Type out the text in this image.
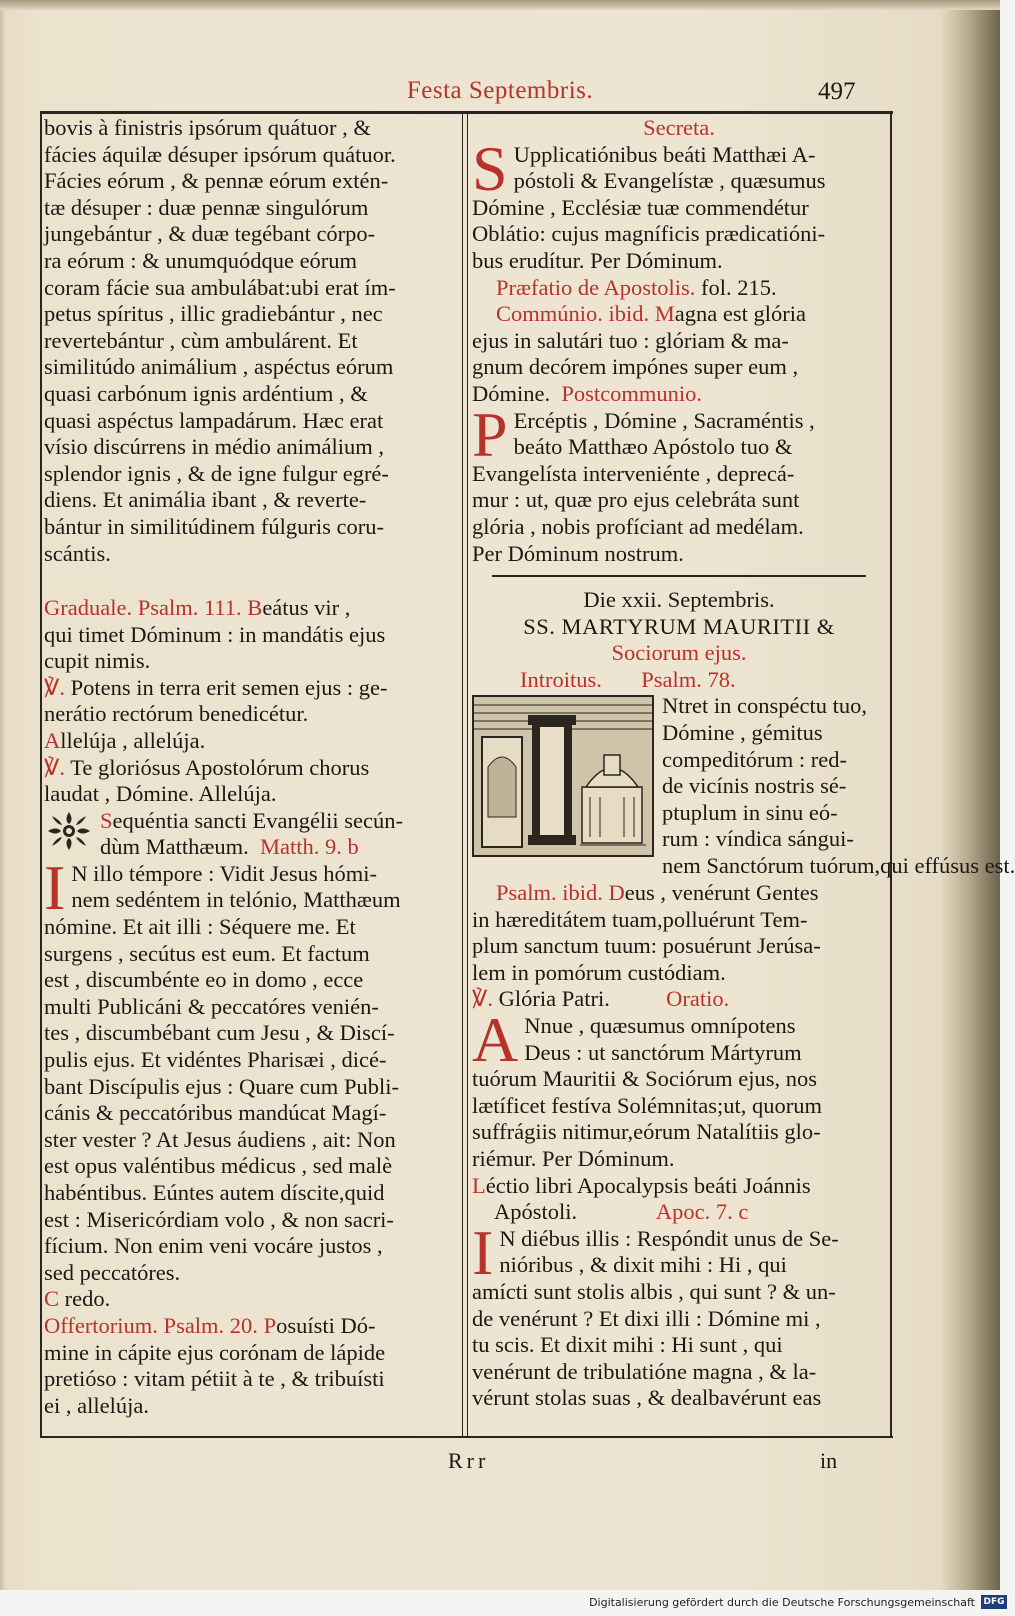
Festa Septembris.	497
bovis à finistris ipsórum quátuor , &
fácies áquilæ désuper ipsórum quátuor.
Fácies eórum , & pennæ eórum extén-
tæ désuper : duæ pennæ singulórum
jungebántur , & duæ tegébant córpo-
ra eórum : & unumquódque eórum
coram fácie sua ambulábat:ubi erat ím-
petus spíritus , illic gradiebántur , nec
revertebántur , cùm ambulárent. Et
similitúdo animálium , aspéctus eórum
quasi carbónum ignis ardéntium , &
quasi aspéctus lampadárum. Hæc erat
vísio discúrrens in médio animálium ,
splendor ignis , & de igne fulgur egré-
diens. Et animália ibant , & reverte-
bántur in similitúdinem fúlguris coru-
scántis.
Graduale. Psalm. 111. Beátus vir ,
qui timet Dóminum : in mandátis ejus
cupit nimis.
℣. Potens in terra erit semen ejus : ge-
nerátio rectórum benedicétur.
Allelúja , allelúja.
℣. Te gloriósus Apostolórum chorus
laudat , Dómine. Allelúja.
Sequéntia sancti Evangélii secún-
dùm Matthæum. Matth. 9. b
I N illo témpore : Vidit Jesus hómi-
nem sedéntem in telónio, Matthæum
nómine. Et ait illi : Séquere me. Et
surgens , secútus est eum. Et factum
est , discumbénte eo in domo , ecce
multi Publicáni & peccatóres venién-
tes , discumbébant cum Jesu , & Discí-
pulis ejus. Et vidéntes Pharisæi , dicé-
bant Discípulis ejus : Quare cum Publi-
cánis & peccatóribus mandúcat Magí-
ster vester ? At Jesus áudiens , ait: Non
est opus valéntibus médicus , sed malè
habéntibus. Eúntes autem díscite,quid
est : Misericórdiam volo , & non sacri-
fícium. Non enim veni vocáre justos ,
sed peccatóres.
C redo.
Offertorium. Psalm. 20. Posuísti Dó-
mine in cápite ejus corónam de lápide
pretióso : vitam pétiit à te , & tribuísti
ei , allelúja.
Secreta.
S Upplicatiónibus beáti Matthæi A-
póstoli & Evangelístæ , quæsumus
Dómine , Ecclésiæ tuæ commendétur
Oblátio: cujus magníficis prædicatióni-
bus erudítur. Per Dóminum.
Præfatio de Apostolis. fol. 215.
Commúnio. ibid. Magna est glória
ejus in salutári tuo : glóriam & ma-
gnum decórem impónes super eum ,
Dómine. Postcommunio.
P Ercéptis , Dómine , Sacraméntis ,
beáto Matthæo Apóstolo tuo &
Evangelísta interveniénte , deprecá-
mur : ut, quæ pro ejus celebráta sunt
glória , nobis profíciant ad medélam.
Per Dóminum nostrum.
Die xxii. Septembris.
SS. MARTYRUM MAURITII &
Sociorum ejus.
Introitus. Psalm. 78.
Ntret in conspéctu tuo,
Dómine , gémitus
compeditórum : red-
de vicínis nostris sé-
ptuplum in sinu eó-
rum : víndica sángui-
nem Sanctórum tuórum,qui effúsus est.
Psalm. ibid. Deus , venérunt Gentes
in hæreditátem tuam,polluérunt Tem-
plum sanctum tuum: posuérunt Jerúsa-
lem in pomórum custódiam.
℣. Glória Patri.	Oratio.
A Nnue , quæsumus omnípotens
Deus : ut sanctórum Mártyrum
tuórum Mauritii & Sociórum ejus, nos
lætíficet festíva Solémnitas;ut, quorum
suffrágiis nitimur,eórum Natalítiis glo-
riémur. Per Dóminum.
Léctio libri Apocalypsis beáti Joánnis
Apóstoli.	Apoc. 7. c
I N diébus illis : Respóndit unus de Se-
nióribus , & dixit mihi : Hi , qui
amícti sunt stolis albis , qui sunt ? & un-
de venérunt ? Et dixi illi : Dómine mi ,
tu scis. Et dixit mihi : Hi sunt , qui
venérunt de tribulatióne magna , & la-
vérunt stolas suas , & dealbavérunt eas
Rrr	in
Digitalisierung gefördert durch die Deutsche Forschungsgemeinschaft DFG
